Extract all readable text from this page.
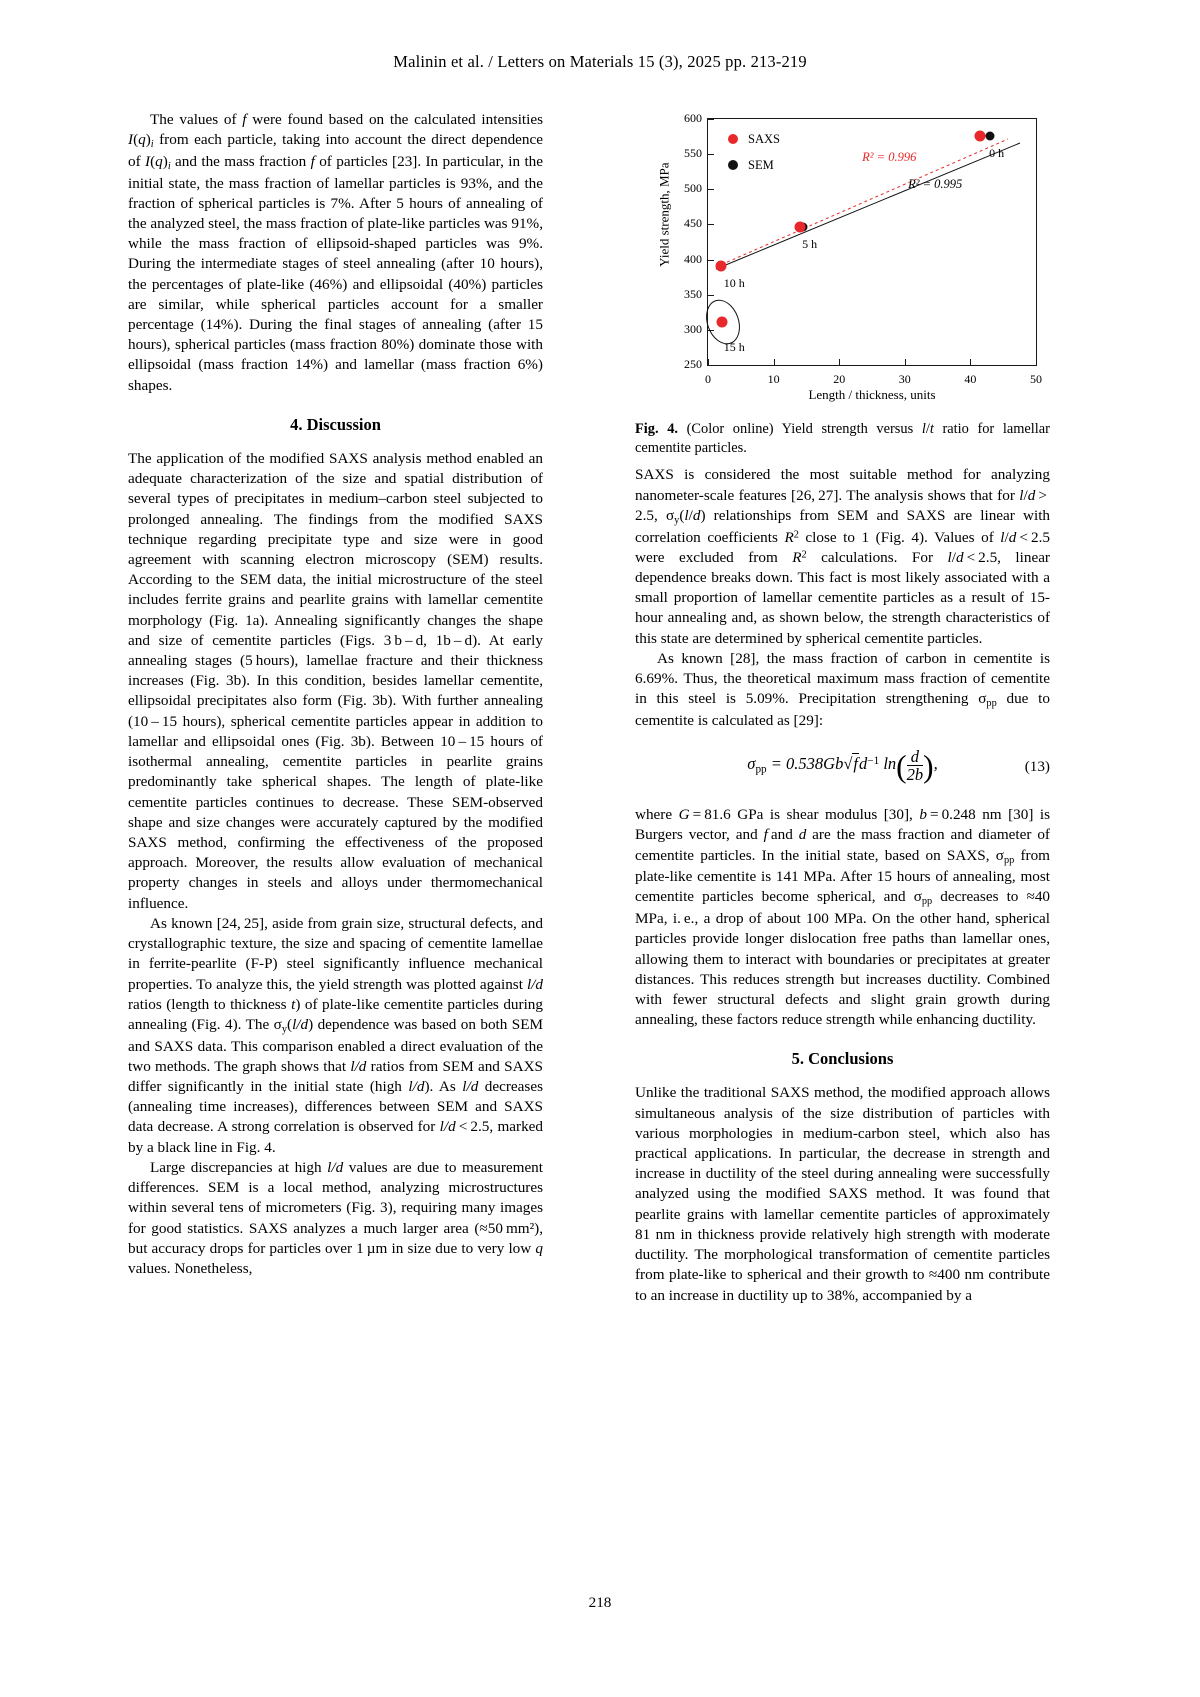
Malinin et al. / Letters on Materials 15 (3), 2025 pp. 213-219

The values of f were found based on the calculated intensities $I(q)_i$ from each particle, taking into account the direct dependence of $I(q)_i$ and the mass fraction f of particles [23]. In particular, in the initial state, the mass fraction of lamellar particles is 93%, and the fraction of spherical particles is 7%. After 5 hours of annealing of the analyzed steel, the mass fraction of plate-like particles was 91%, while the mass fraction of ellipsoid-shaped particles was 9%. During the intermediate stages of steel annealing (after 10 hours), the percentages of plate-like (46%) and ellipsoidal (40%) particles are similar, while spherical particles account for a smaller percentage (14%). During the final stages of annealing (after 15 hours), spherical particles (mass fraction 80%) dominate those with ellipsoidal (mass fraction 14%) and lamellar (mass fraction 6%) shapes.

4. Discussion

The application of the modified SAXS analysis method enabled an adequate characterization of the size and spatial distribution of several types of precipitates in medium–carbon steel subjected to prolonged annealing. The findings from the modified SAXS technique regarding precipitate type and size were in good agreement with scanning electron microscopy (SEM) results. According to the SEM data, the initial microstructure of the steel includes ferrite grains and pearlite grains with lamellar cementite morphology (Fig. 1a). Annealing significantly changes the shape and size of cementite particles (Figs. 3 b – d, 1b – d). At early annealing stages (5 hours), lamellae fracture and their thickness increases (Fig. 3b). In this condition, besides lamellar cementite, ellipsoidal precipitates also form (Fig. 3b). With further annealing (10 – 15 hours), spherical cementite particles appear in addition to lamellar and ellipsoidal ones (Fig. 3b). Between 10 – 15 hours of isothermal annealing, cementite particles in pearlite grains predominantly take spherical shapes. The length of plate-like cementite particles continues to decrease. These SEM-observed shape and size changes were accurately captured by the modified SAXS method, confirming the effectiveness of the proposed approach. Moreover, the results allow evaluation of mechanical property changes in steels and alloys under thermomechanical influence.

As known [24, 25], aside from grain size, structural defects, and crystallographic texture, the size and spacing of cementite lamellae in ferrite-pearlite (F-P) steel significantly influence mechanical properties. To analyze this, the yield strength was plotted against l/d ratios (length to thickness t) of plate-like cementite particles during annealing (Fig. 4). The $\sigma_y(l/d)$ dependence was based on both SEM and SAXS data. This comparison enabled a direct evaluation of the two methods. The graph shows that l/d ratios from SEM and SAXS differ significantly in the initial state (high l/d). As l/d decreases (annealing time increases), differences between SEM and SAXS data decrease. A strong correlation is observed for l/d < 2.5, marked by a black line in Fig. 4.

Large discrepancies at high l/d values are due to measurement differences. SEM is a local method, analyzing microstructures within several tens of micrometers (Fig. 3), requiring many images for good statistics. SAXS analyzes a much larger area (≈50 mm²), but accuracy drops for particles over 1 µm in size due to very low q values. Nonetheless,

Yield strength, MPa
Length / thickness, units
600
550
500
450
400
350
300
250
0	10	20	30	40	50
SAXS
SEM
0 h
5 h
10 h
15 h
R² = 0.996
R² = 0.995
Fig. 4. (Color online) Yield strength versus l/t ratio for lamellar cementite particles.

SAXS is considered the most suitable method for analyzing nanometer-scale features [26, 27]. The analysis shows that for l/d > 2.5, $\sigma_y(l/d)$ relationships from SEM and SAXS are linear with correlation coefficients $R^2$ close to 1 (Fig. 4). Values of l/d < 2.5 were excluded from $R^2$ calculations. For l/d < 2.5, linear dependence breaks down. This fact is most likely associated with a small proportion of lamellar cementite particles as a result of 15-hour annealing and, as shown below, the strength characteristics of this state are determined by spherical cementite particles.

As known [28], the mass fraction of carbon in cementite is 6.69%. Thus, the theoretical maximum mass fraction of cementite in this steel is 5.09%. Precipitation strengthening $\sigma_{pp}$ due to cementite is calculated as [29]:

$\sigma_{pp} = 0.538Gb√fd^{-1}$ $\ln( \frac{d}{2b}$ ),	(13)

where G = 81.6 GPa is shear modulus [30], b = 0.248 nm [30] is Burgers vector, and f and d are the mass fraction and diameter of cementite particles. In the initial state, based on SAXS, $\sigma_{pp}$ from plate-like cementite is 141 MPa. After 15 hours of annealing, most cementite particles become spherical, and $\sigma_{pp}$ decreases to ≈40 MPa, i. e., a drop of about 100 MPa. On the other hand, spherical particles provide longer dislocation free paths than lamellar ones, allowing them to interact with boundaries or precipitates at greater distances. This reduces strength but increases ductility. Combined with fewer structural defects and slight grain growth during annealing, these factors reduce strength while enhancing ductility.

5. Conclusions

Unlike the traditional SAXS method, the modified approach allows simultaneous analysis of the size distribution of particles with various morphologies in medium-carbon steel, which also has practical applications. In particular, the decrease in strength and increase in ductility of the steel during annealing were successfully analyzed using the modified SAXS method. It was found that pearlite grains with lamellar cementite particles of approximately 81 nm in thickness provide relatively high strength with moderate ductility. The morphological transformation of cementite particles from plate-like to spherical and their growth to ≈400 nm contribute to an increase in ductility up to 38%, accompanied by a

218
